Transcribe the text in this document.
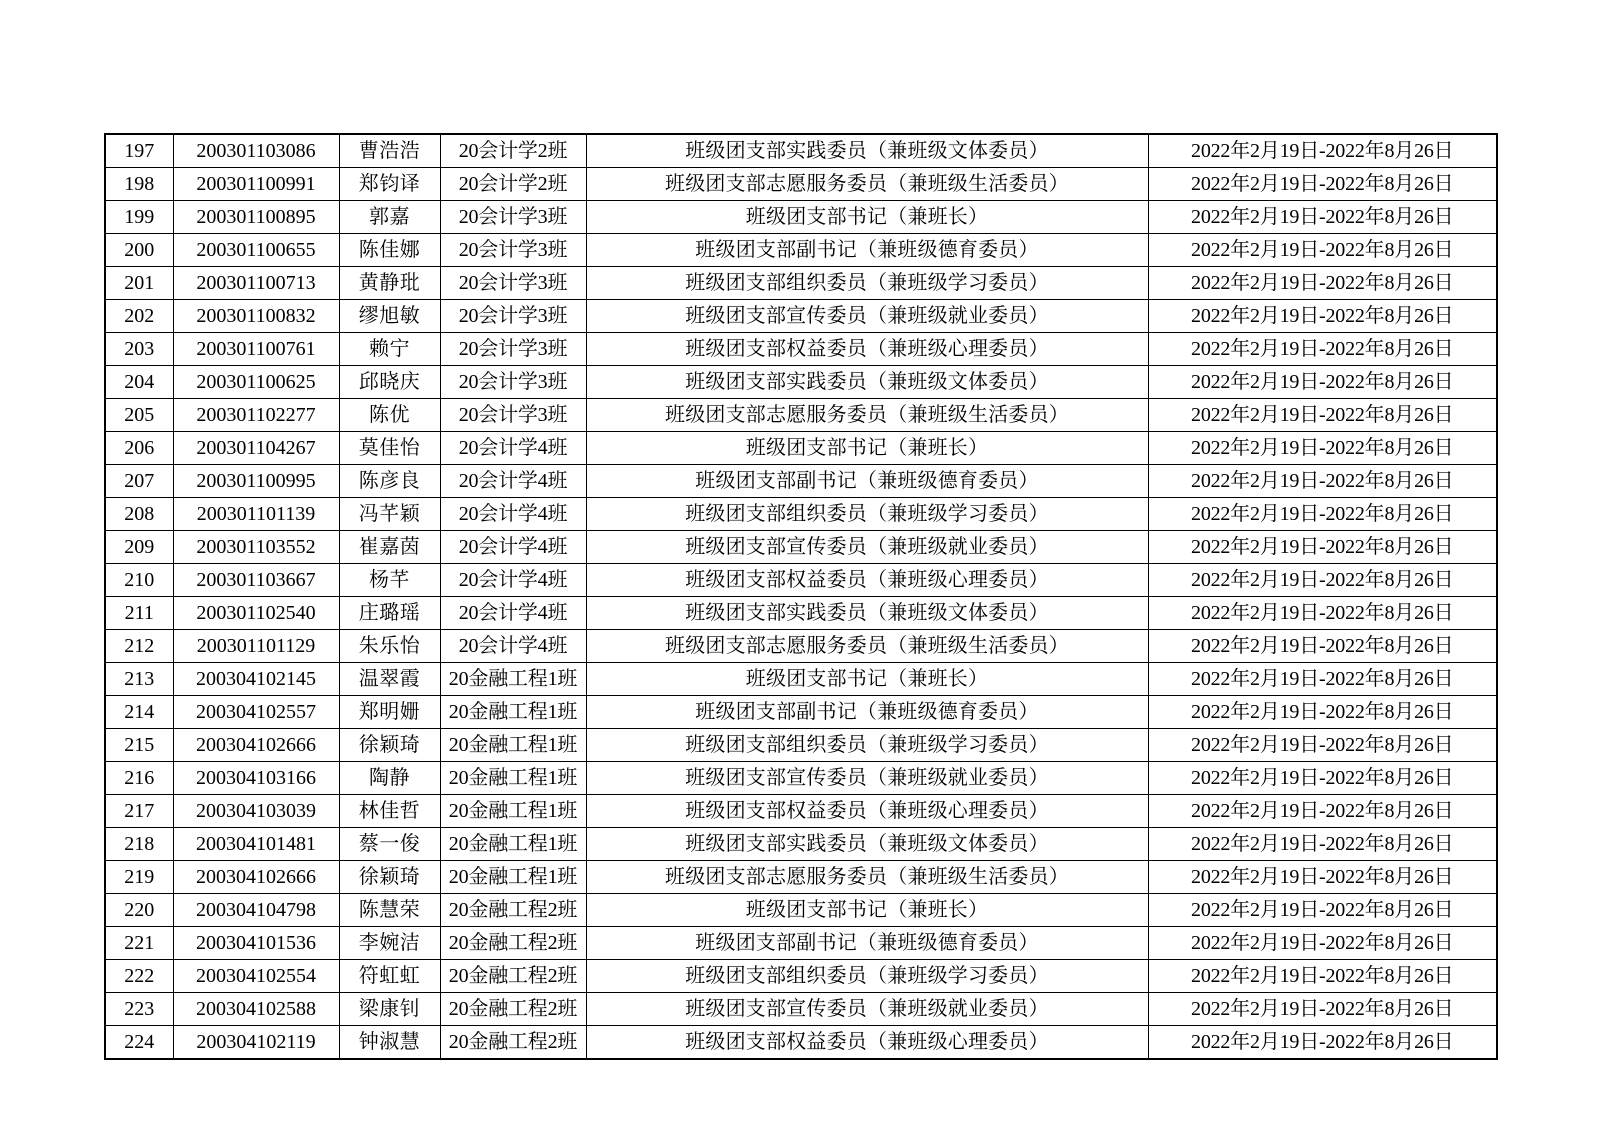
197	200301103086	曹浩浩	20会计学2班	班级团支部实践委员（兼班级文体委员）	2022年2月19日-2022年8月26日
198	200301100991	郑钧译	20会计学2班	班级团支部志愿服务委员（兼班级生活委员）	2022年2月19日-2022年8月26日
199	200301100895	郭嘉	20会计学3班	班级团支部书记（兼班长）	2022年2月19日-2022年8月26日
200	200301100655	陈佳娜	20会计学3班	班级团支部副书记（兼班级德育委员）	2022年2月19日-2022年8月26日
201	200301100713	黄静玭	20会计学3班	班级团支部组织委员（兼班级学习委员）	2022年2月19日-2022年8月26日
202	200301100832	缪旭敏	20会计学3班	班级团支部宣传委员（兼班级就业委员）	2022年2月19日-2022年8月26日
203	200301100761	赖宁	20会计学3班	班级团支部权益委员（兼班级心理委员）	2022年2月19日-2022年8月26日
204	200301100625	邱晓庆	20会计学3班	班级团支部实践委员（兼班级文体委员）	2022年2月19日-2022年8月26日
205	200301102277	陈优	20会计学3班	班级团支部志愿服务委员（兼班级生活委员）	2022年2月19日-2022年8月26日
206	200301104267	莫佳怡	20会计学4班	班级团支部书记（兼班长）	2022年2月19日-2022年8月26日
207	200301100995	陈彦良	20会计学4班	班级团支部副书记（兼班级德育委员）	2022年2月19日-2022年8月26日
208	200301101139	冯芊颖	20会计学4班	班级团支部组织委员（兼班级学习委员）	2022年2月19日-2022年8月26日
209	200301103552	崔嘉茵	20会计学4班	班级团支部宣传委员（兼班级就业委员）	2022年2月19日-2022年8月26日
210	200301103667	杨芊	20会计学4班	班级团支部权益委员（兼班级心理委员）	2022年2月19日-2022年8月26日
211	200301102540	庄璐瑶	20会计学4班	班级团支部实践委员（兼班级文体委员）	2022年2月19日-2022年8月26日
212	200301101129	朱乐怡	20会计学4班	班级团支部志愿服务委员（兼班级生活委员）	2022年2月19日-2022年8月26日
213	200304102145	温翠霞	20金融工程1班	班级团支部书记（兼班长）	2022年2月19日-2022年8月26日
214	200304102557	郑明姗	20金融工程1班	班级团支部副书记（兼班级德育委员）	2022年2月19日-2022年8月26日
215	200304102666	徐颖琦	20金融工程1班	班级团支部组织委员（兼班级学习委员）	2022年2月19日-2022年8月26日
216	200304103166	陶静	20金融工程1班	班级团支部宣传委员（兼班级就业委员）	2022年2月19日-2022年8月26日
217	200304103039	林佳哲	20金融工程1班	班级团支部权益委员（兼班级心理委员）	2022年2月19日-2022年8月26日
218	200304101481	蔡一俊	20金融工程1班	班级团支部实践委员（兼班级文体委员）	2022年2月19日-2022年8月26日
219	200304102666	徐颖琦	20金融工程1班	班级团支部志愿服务委员（兼班级生活委员）	2022年2月19日-2022年8月26日
220	200304104798	陈慧荣	20金融工程2班	班级团支部书记（兼班长）	2022年2月19日-2022年8月26日
221	200304101536	李婉洁	20金融工程2班	班级团支部副书记（兼班级德育委员）	2022年2月19日-2022年8月26日
222	200304102554	符虹虹	20金融工程2班	班级团支部组织委员（兼班级学习委员）	2022年2月19日-2022年8月26日
223	200304102588	梁康钊	20金融工程2班	班级团支部宣传委员（兼班级就业委员）	2022年2月19日-2022年8月26日
224	200304102119	钟淑慧	20金融工程2班	班级团支部权益委员（兼班级心理委员）	2022年2月19日-2022年8月26日
